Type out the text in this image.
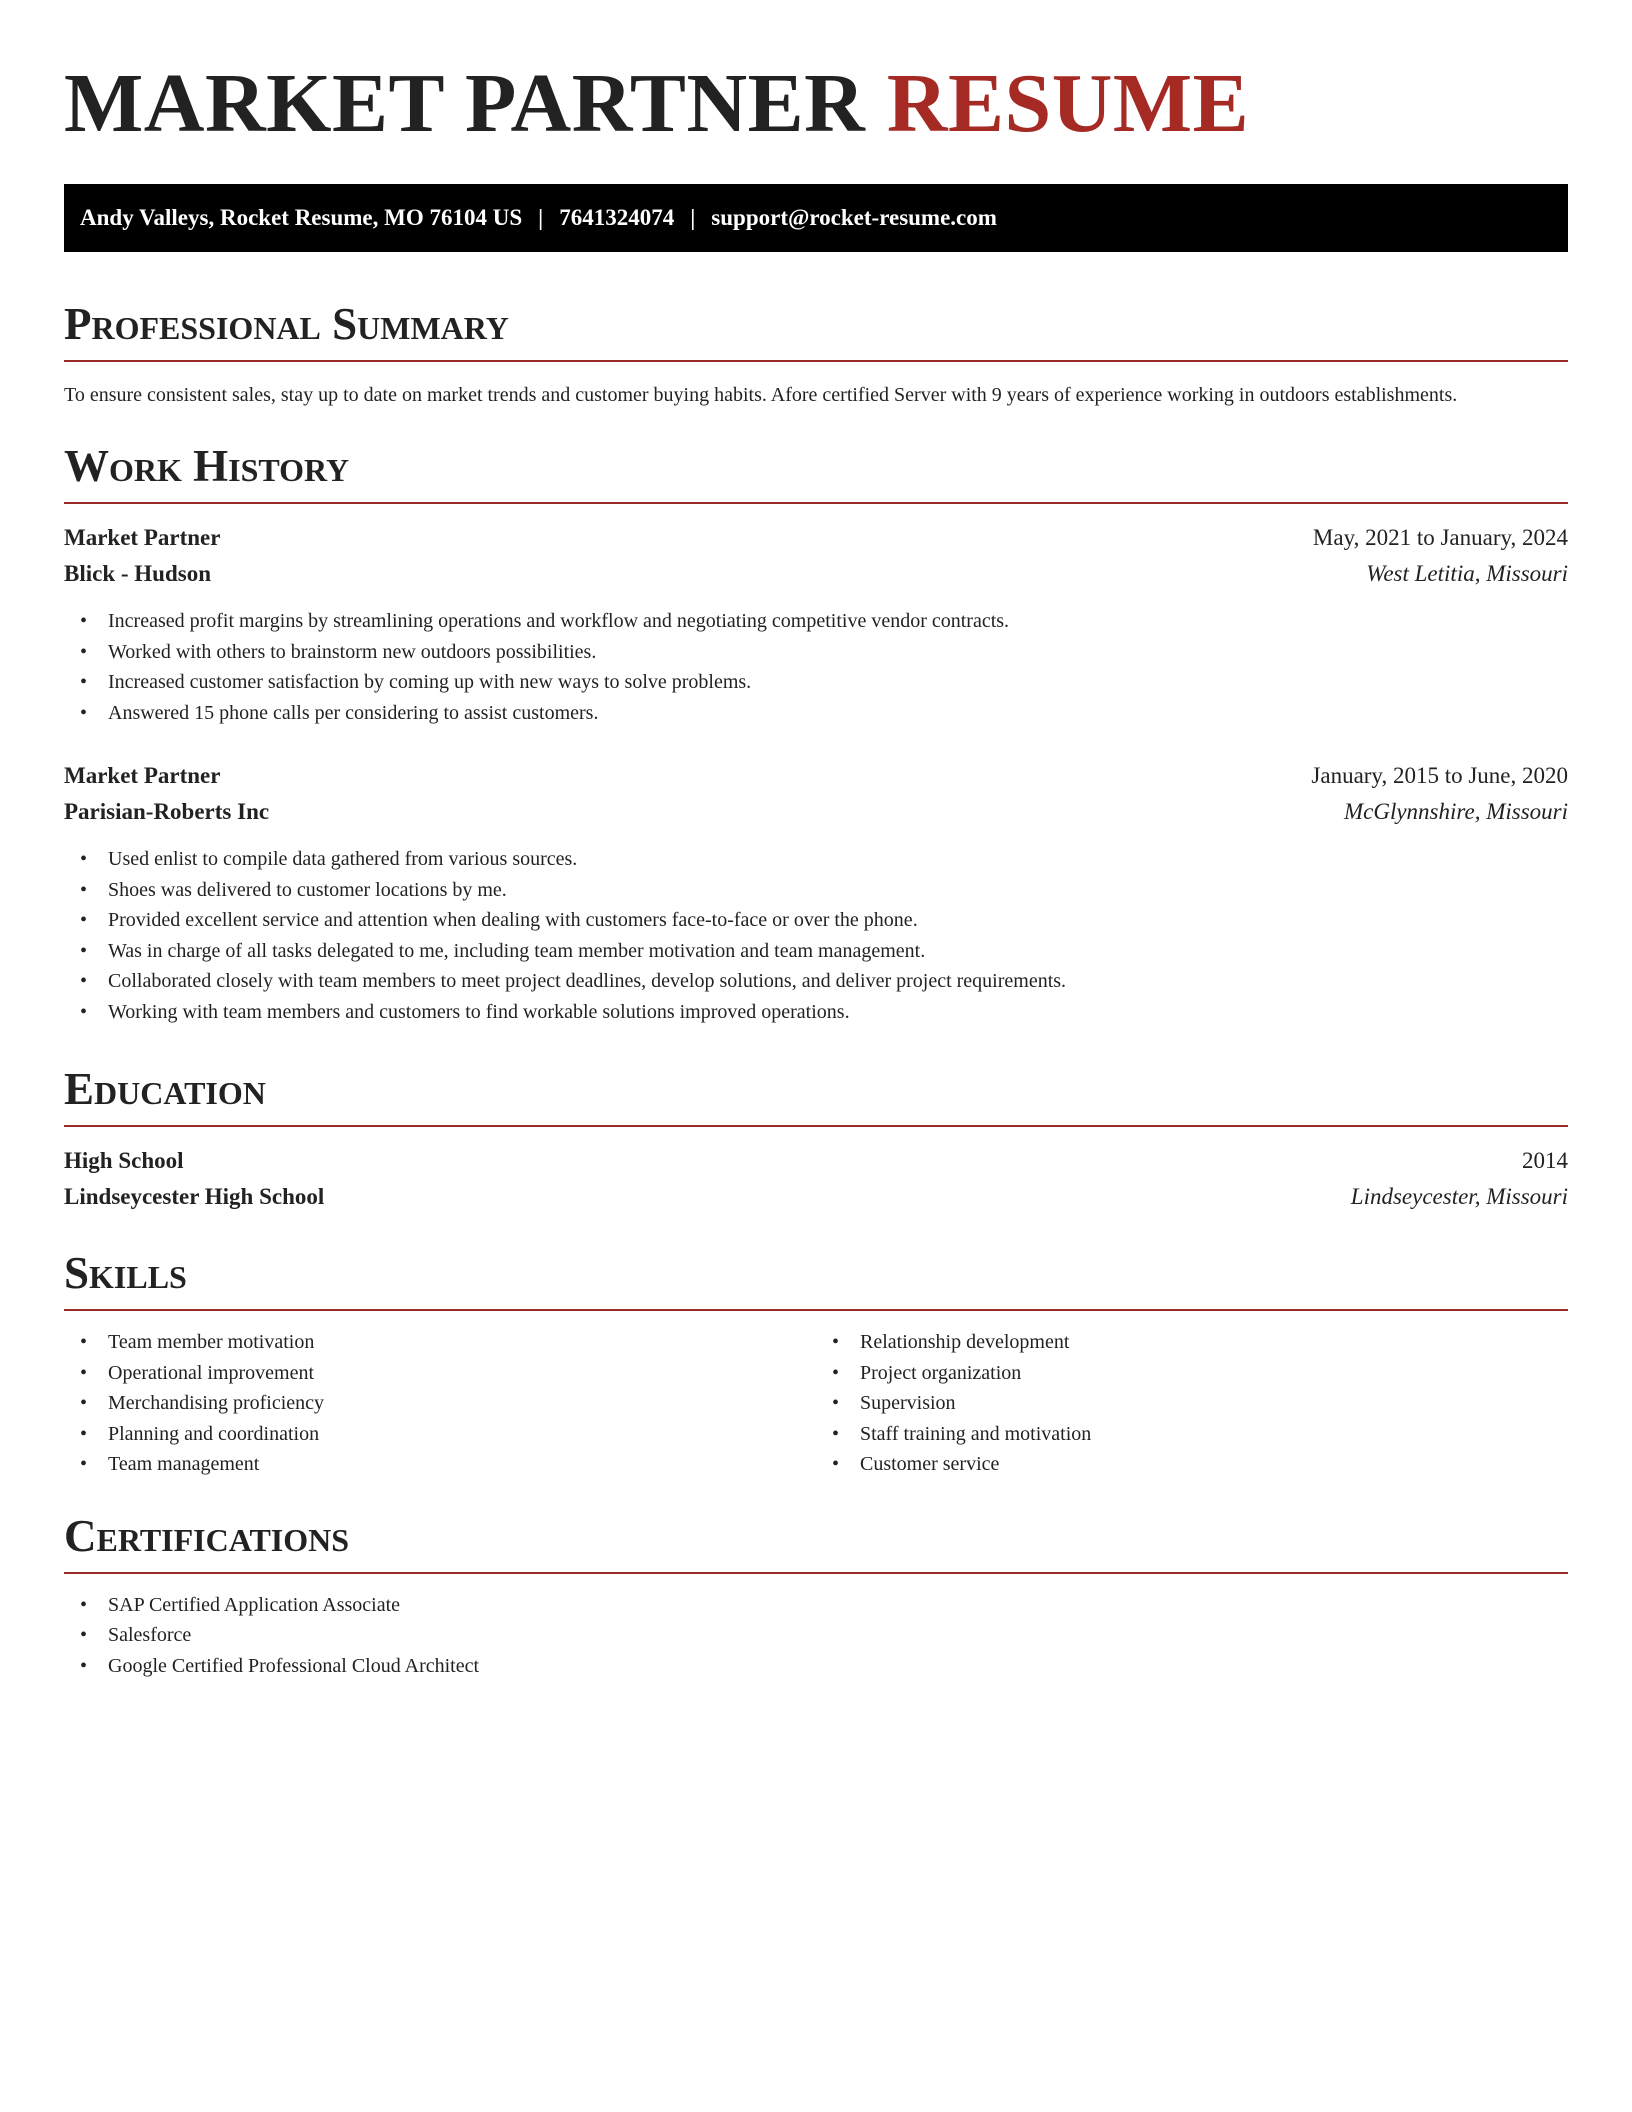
MARKET PARTNER RESUME
Andy Valleys, Rocket Resume, MO 76104 US | 7641324074 | support@rocket-resume.com
Professional Summary

To ensure consistent sales, stay up to date on market trends and customer buying habits. Afore certified Server with 9 years of experience working in outdoors establishments.

Work History
Market Partner	May, 2021 to January, 2024
Blick - Hudson	West Letitia, Missouri
• Increased profit margins by streamlining operations and workflow and negotiating competitive vendor contracts.
• Worked with others to brainstorm new outdoors possibilities.
• Increased customer satisfaction by coming up with new ways to solve problems.
• Answered 15 phone calls per considering to assist customers.
Market Partner	January, 2015 to June, 2020
Parisian-Roberts Inc	McGlynnshire, Missouri
• Used enlist to compile data gathered from various sources.
• Shoes was delivered to customer locations by me.
• Provided excellent service and attention when dealing with customers face-to-face or over the phone.
• Was in charge of all tasks delegated to me, including team member motivation and team management.
• Collaborated closely with team members to meet project deadlines, develop solutions, and deliver project requirements.
• Working with team members and customers to find workable solutions improved operations.
Education
High School	2014
Lindseycester High School	Lindseycester, Missouri
Skills
• Team member motivation
• Operational improvement
• Merchandising proficiency
• Planning and coordination
• Team management
• Relationship development
• Project organization
• Supervision
• Staff training and motivation
• Customer service
Certifications
• SAP Certified Application Associate
• Salesforce
• Google Certified Professional Cloud Architect
